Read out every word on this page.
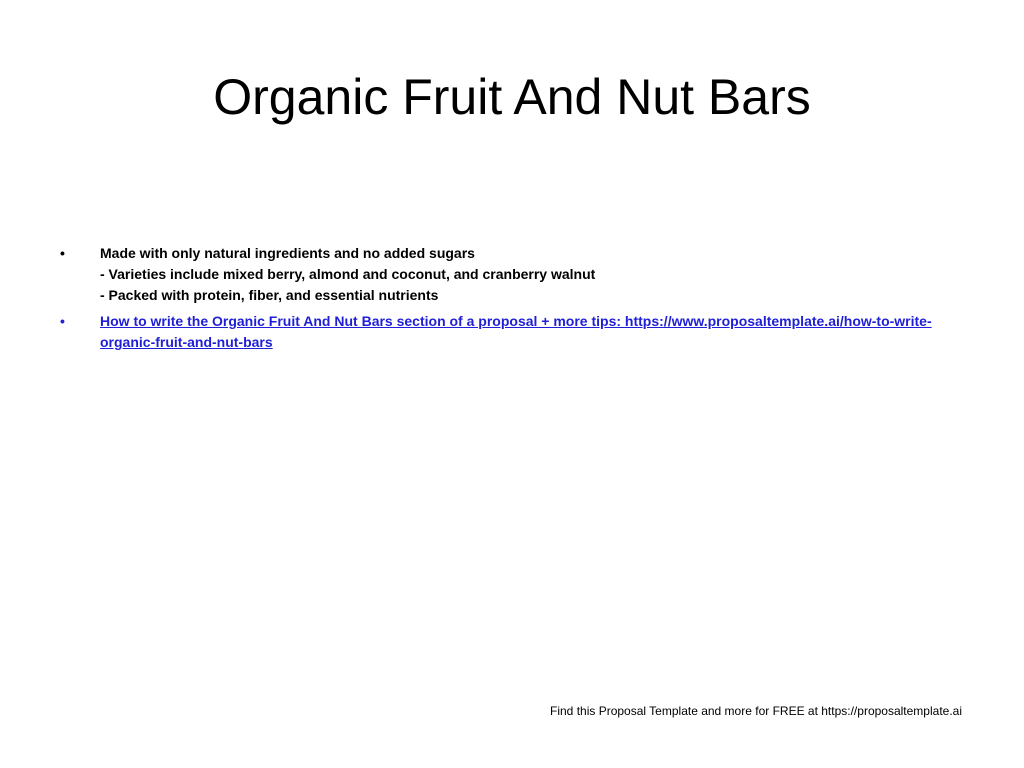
Organic Fruit And Nut Bars
•	Made with only natural ingredients and no added sugars
- Varieties include mixed berry, almond and coconut, and cranberry walnut
- Packed with protein, fiber, and essential nutrients
•	How to write the Organic Fruit And Nut Bars section of a proposal + more tips: https://www.proposaltemplate.ai/how-to-write-organic-fruit-and-nut-bars
Find this Proposal Template and more for FREE at https://proposaltemplate.ai
